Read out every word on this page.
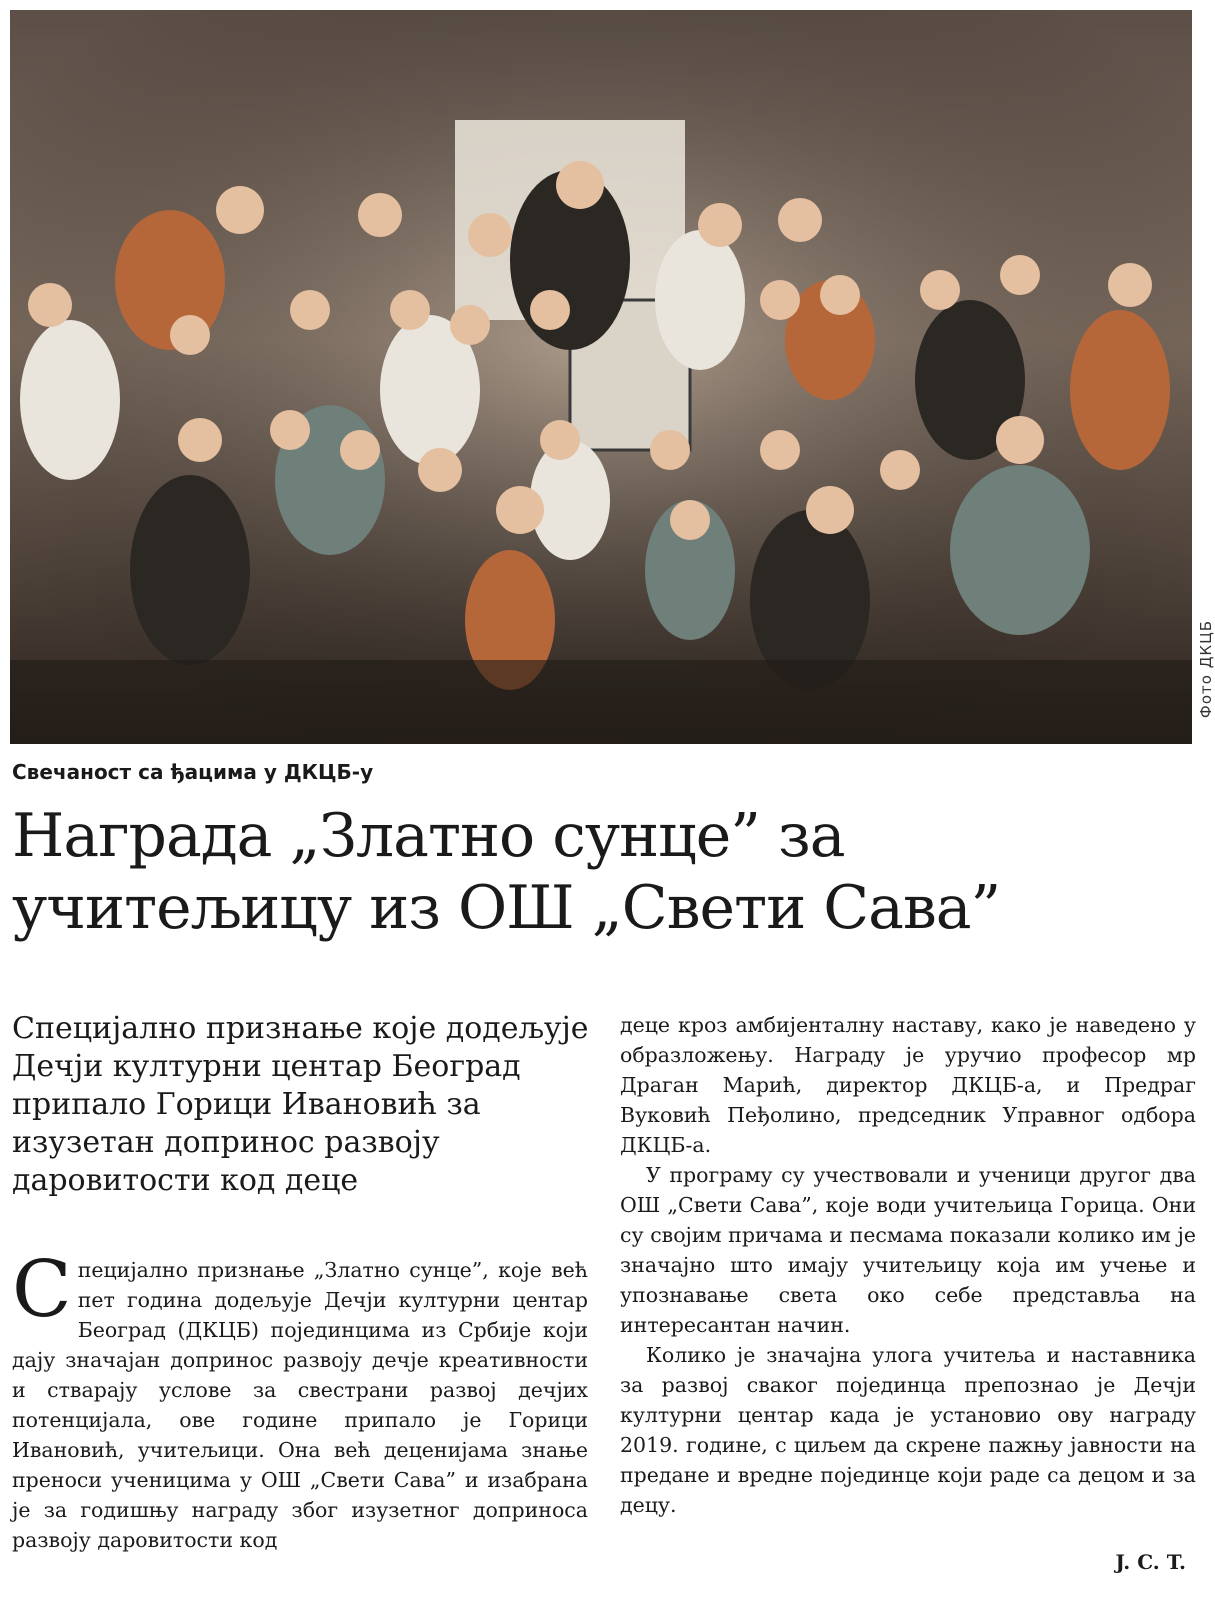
Фото ДКЦБ
Свечаност са ђацима у ДКЦБ-у
Награда „Златно сунце” за учитељицу из ОШ „Свети Сава”
Специјално признање које додељује Дечји културни центар Београд припало Горици Ивановић за изузетан допринос развоју даровитости код деце

Специјално признање „Златно сунце”, које већ пет година додељује Дечји културни центар Београд (ДКЦБ) појединцима из Србије који дају значајан допринос развоју дечје креативности и стварају услове за свестрани развој дечјих потенцијала, ове године припало је Горици Ивановић, учитељици. Она већ деценијама знање преноси ученицима у ОШ „Свети Сава” и изабрана је за годишњу награду због изузетног доприноса развоју даровитости код

деце кроз амбијенталну наставу, како је наведено у образложењу. Награду је уручио професор мр Драган Марић, директор ДКЦБ-а, и Предраг Вуковић Пеђолино, председник Управног одбора ДКЦБ-а.

У програму су учествовали и ученици другог два ОШ „Свети Сава”, које води учитељица Горица. Они су својим причама и песмама показали колико им је значајно што имају учитељицу која им учење и упознавање света око себе представља на интересантан начин.

Колико је значајна улога учитеља и наставника за развој сваког појединца препознао је Дечји културни центар када је установио ову награду 2019. године, с циљем да скрене пажњу јавности на предане и вредне појединце који раде са децом и за децу.

J. C. T.
